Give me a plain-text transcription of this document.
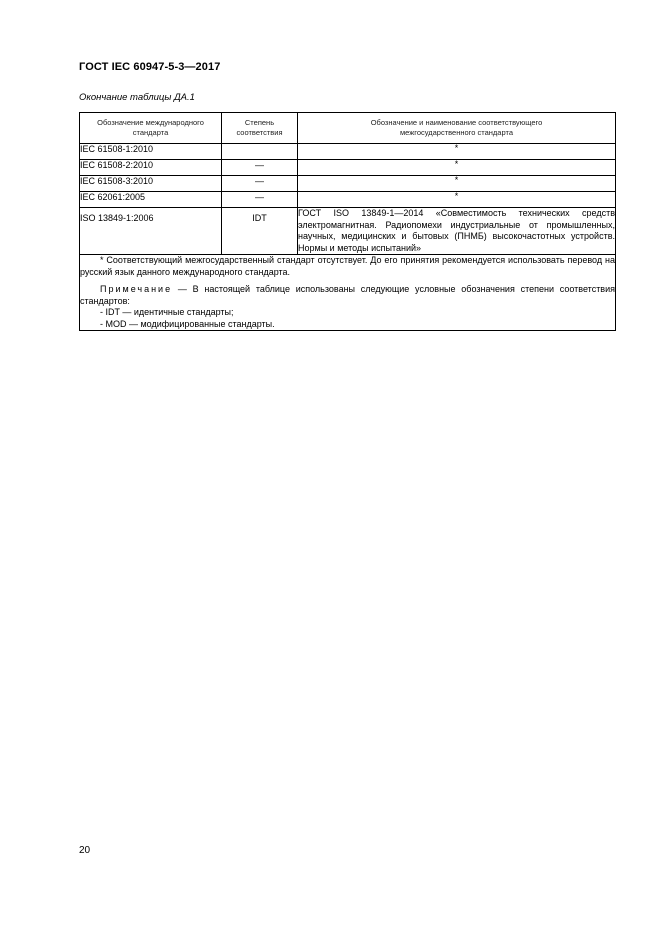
ГОСТ IEC 60947-5-3—2017
Окончание таблицы ДА.1
Обозначение международного стандарта	Степень соответствия	Обозначение и наименование соответствующего межгосударственного стандарта
IEC 61508-1:2010		*
IEC 61508-2:2010	—	*
IEC 61508-3:2010	—	*
IEC 62061:2005	—	*
ISO 13849-1:2006	IDT	ГОСТ ISO 13849-1—2014 «Совместимость технических средств электромагнитная. Радиопомехи индустриальные от промышленных, научных, медицинских и бытовых (ПНМБ) высокочастотных устройств. Нормы и методы испытаний»

* Соответствующий межгосударственный стандарт отсутствует. До его принятия рекомендуется использовать перевод на русский язык данного международного стандарта.

Примечание — В настоящей таблице использованы следующие условные обозначения степени соответствия стандартов:

- IDT — идентичные стандарты;

- MOD — модифицированные стандарты.		

20
